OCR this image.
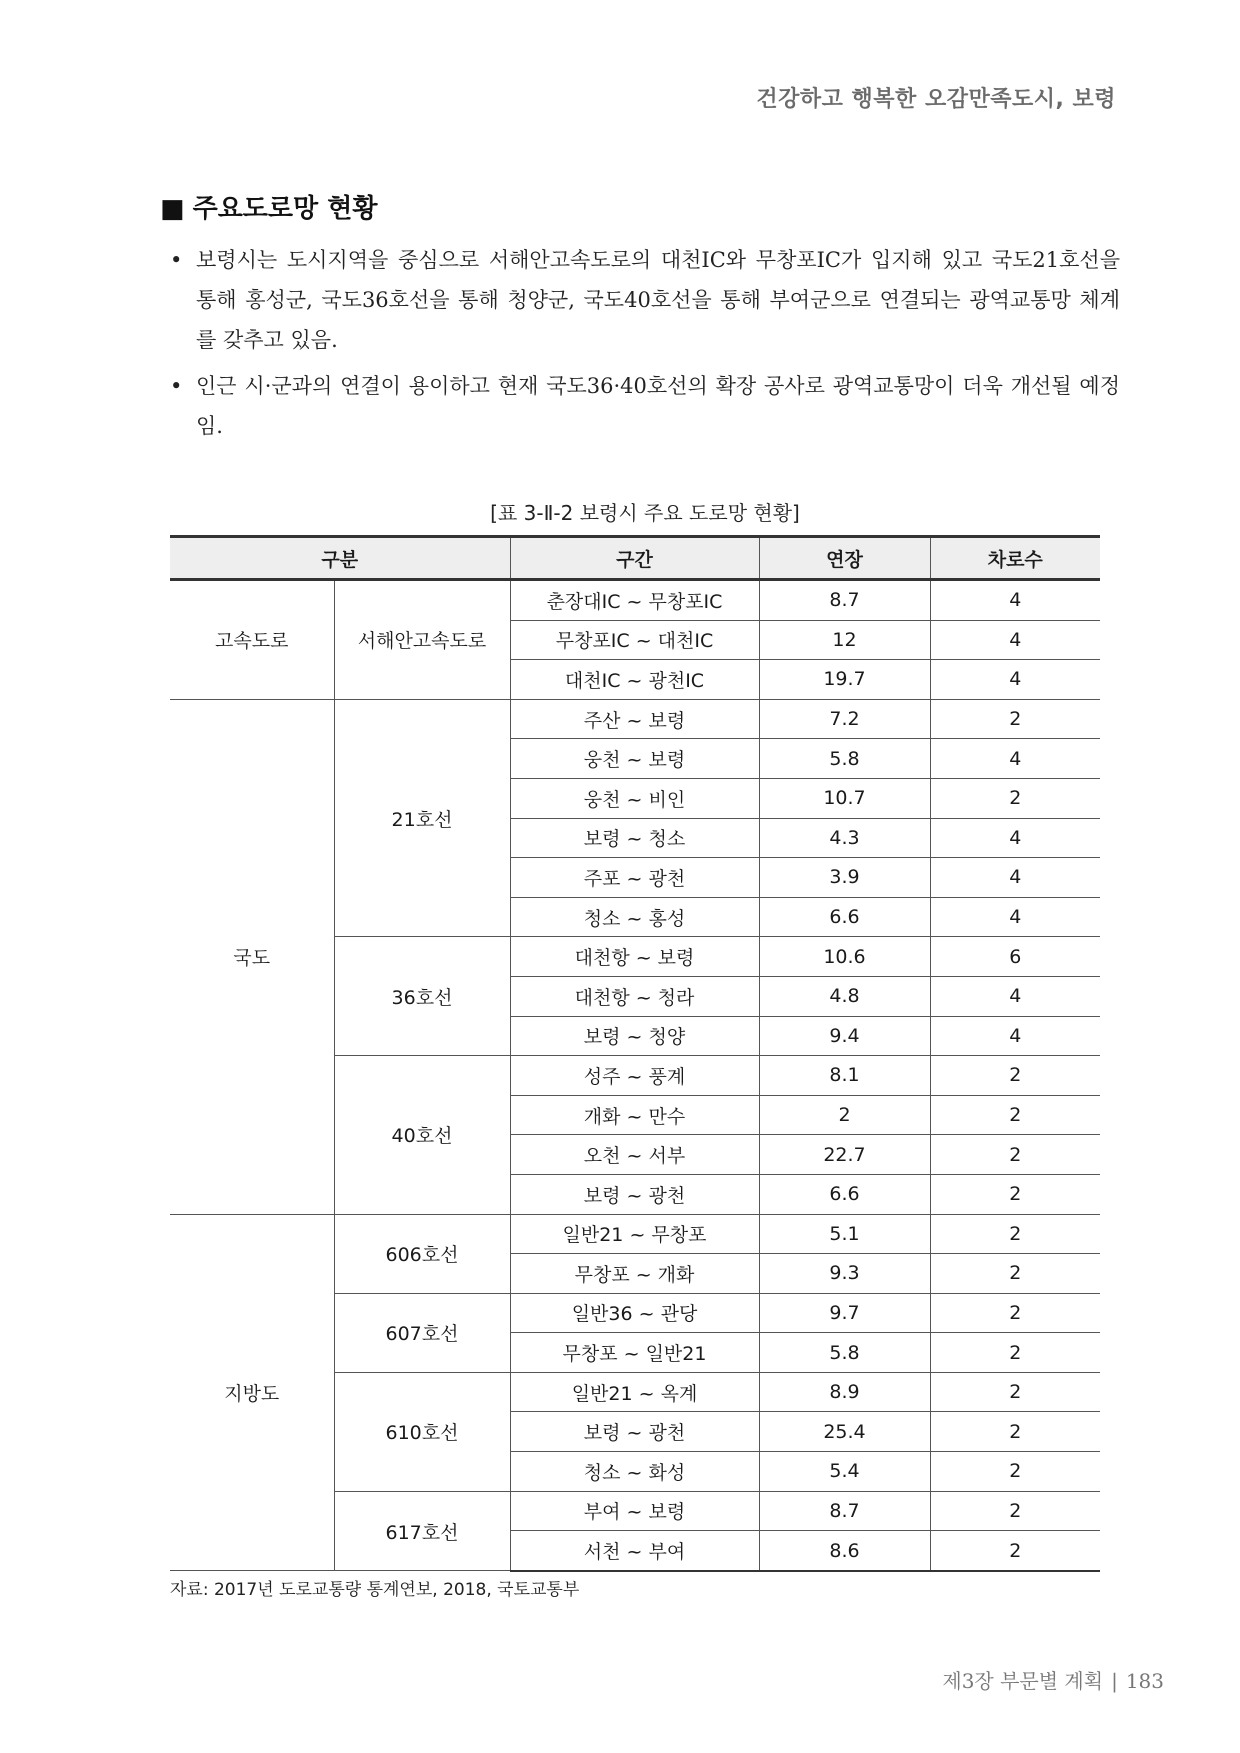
건강하고 행복한 오감만족도시, 보령
■ 주요도로망 현황
• 보령시는 도시지역을 중심으로 서해안고속도로의 대천IC와 무창포IC가 입지해 있고 국도21호선을 통해 홍성군, 국도36호선을 통해 청양군, 국도40호선을 통해 부여군으로 연결되는 광역교통망 체계를 갖추고 있음.
• 인근 시·군과의 연결이 용이하고 현재 국도36·40호선의 확장 공사로 광역교통망이 더욱 개선될 예정임.
[표 3-Ⅱ-2 보령시 주요 도로망 현황]
구분		구간	연장	차로수
고속도로	서해안고속도로	춘장대IC ~ 무창포IC	8.7	4
		무창포IC ~ 대천IC	12	4
		대천IC ~ 광천IC	19.7	4
국도	21호선	주산 ~ 보령	7.2	2
		웅천 ~ 보령	5.8	4
		웅천 ~ 비인	10.7	2
		보령 ~ 청소	4.3	4
		주포 ~ 광천	3.9	4
		청소 ~ 홍성	6.6	4
	36호선	대천항 ~ 보령	10.6	6
		대천항 ~ 청라	4.8	4
		보령 ~ 청양	9.4	4
	40호선	성주 ~ 풍계	8.1	2
		개화 ~ 만수	2	2
		오천 ~ 서부	22.7	2
		보령 ~ 광천	6.6	2
지방도	606호선	일반21 ~ 무창포	5.1	2
		무창포 ~ 개화	9.3	2
	607호선	일반36 ~ 관당	9.7	2
		무창포 ~ 일반21	5.8	2
	610호선	일반21 ~ 옥계	8.9	2
		보령 ~ 광천	25.4	2
		청소 ~ 화성	5.4	2
	617호선	부여 ~ 보령	8.7	2
		서천 ~ 부여	8.6	2
자료: 2017년 도로교통량 통계연보, 2018, 국토교통부
제3장 부문별 계획 | 183
